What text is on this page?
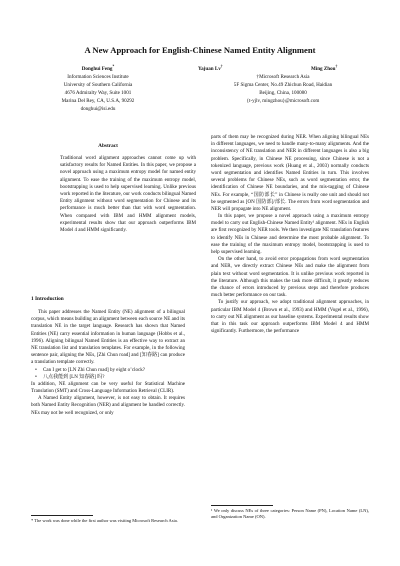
A New Approach for English-Chinese Named Entity Alignment
Donghui Feng*
Information Sciences Institute
University of Southern California
4676 Admiralty Way, Suite 1001
Marina Del Rey, CA, U.S.A, 90292
donghui@isi.edu
Yajuan Lv†	Ming Zhou†
†Microsoft Research Asia
5F Sigma Center, No.49 Zhichun Road, Haidian
Beijing, China, 100080
{t-yjlv, mingzhou}@microsoft.com
Abstract
Traditional word alignment approaches cannot come up with satisfactory results for Named Entities. In this paper, we propose a novel approach using a maximum entropy model for named entity alignment. To ease the training of the maximum entropy model, bootstrapping is used to help supervised learning. Unlike previous work reported in the literature, our work conducts bilingual Named Entity alignment without word segmentation for Chinese and its performance is much better than that with word segmentation. When compared with IBM and HMM alignment models, experimental results show that our approach outperforms IBM Model 4 and HMM significantly.
1 Introduction

This paper addresses the Named Entity (NE) alignment of a bilingual corpus, which means building an alignment between each source NE and its translation NE in the target language. Research has shown that Named Entities (NE) carry essential information in human language (Hobbs et al., 1996). Aligning bilingual Named Entities is an effective way to extract an NE translation list and translation templates. For example, in the following sentence pair, aligning the NEs, [Zhi Chun road] and [知春路] can produce a translation template correctly.

•	Can I get to [LN Zhi Chun road] by eight o’clock?
•	八点我能到 [LN 知春路] 吗?

In addition, NE alignment can be very useful for Statistical Machine Translation (SMT) and Cross-Language Information Retrieval (CLIR).

A Named Entity alignment, however, is not easy to obtain. It requires both Named Entity Recognition (NER) and alignment be handled correctly. NEs may not be well recognized, or only

* The work was done while the first author was visiting Microsoft Research Asia.

parts of them may be recognized during NER. When aligning bilingual NEs in different languages, we need to handle many-to-many alignments. And the inconsistency of NE translation and NER in different languages is also a big problem. Specifically, in Chinese NE processing, since Chinese is not a tokenized language, previous work (Huang et al., 2003) normally conducts word segmentation and identifies Named Entities in turn. This involves several problems for Chinese NEs, such as word segmentation error, the identification of Chinese NE boundaries, and the mis-tagging of Chinese NEs. For example, “国防部长” in Chinese is really one unit and should not be segmented as [ON 国防部]/部长. The errors from word segmentation and NER will propagate into NE alignment.

In this paper, we propose a novel approach using a maximum entropy model to carry out English-Chinese Named Entity¹ alignment. NEs in English are first recognized by NER tools. We then investigate NE translation features to identify NEs in Chinese and determine the most probable alignment. To ease the training of the maximum entropy model, bootstrapping is used to help supervised learning.

On the other hand, to avoid error propagations from word segmentation and NER, we directly extract Chinese NEs and make the alignment from plain text without word segmentation. It is unlike previous work reported in the literature. Although this makes the task more difficult, it greatly reduces the chance of errors introduced by previous steps and therefore produces much better performance on our task.

To justify our approach, we adopt traditional alignment approaches, in particular IBM Model 4 (Brown et al., 1993) and HMM (Vogel et al., 1996), to carry out NE alignment as our baseline systems. Experimental results show that in this task our approach outperforms IBM Model 4 and HMM significantly. Furthermore, the performance

¹ We only discuss NEs of three categories: Person Name (PN), Location Name (LN), and Organization Name (ON).
